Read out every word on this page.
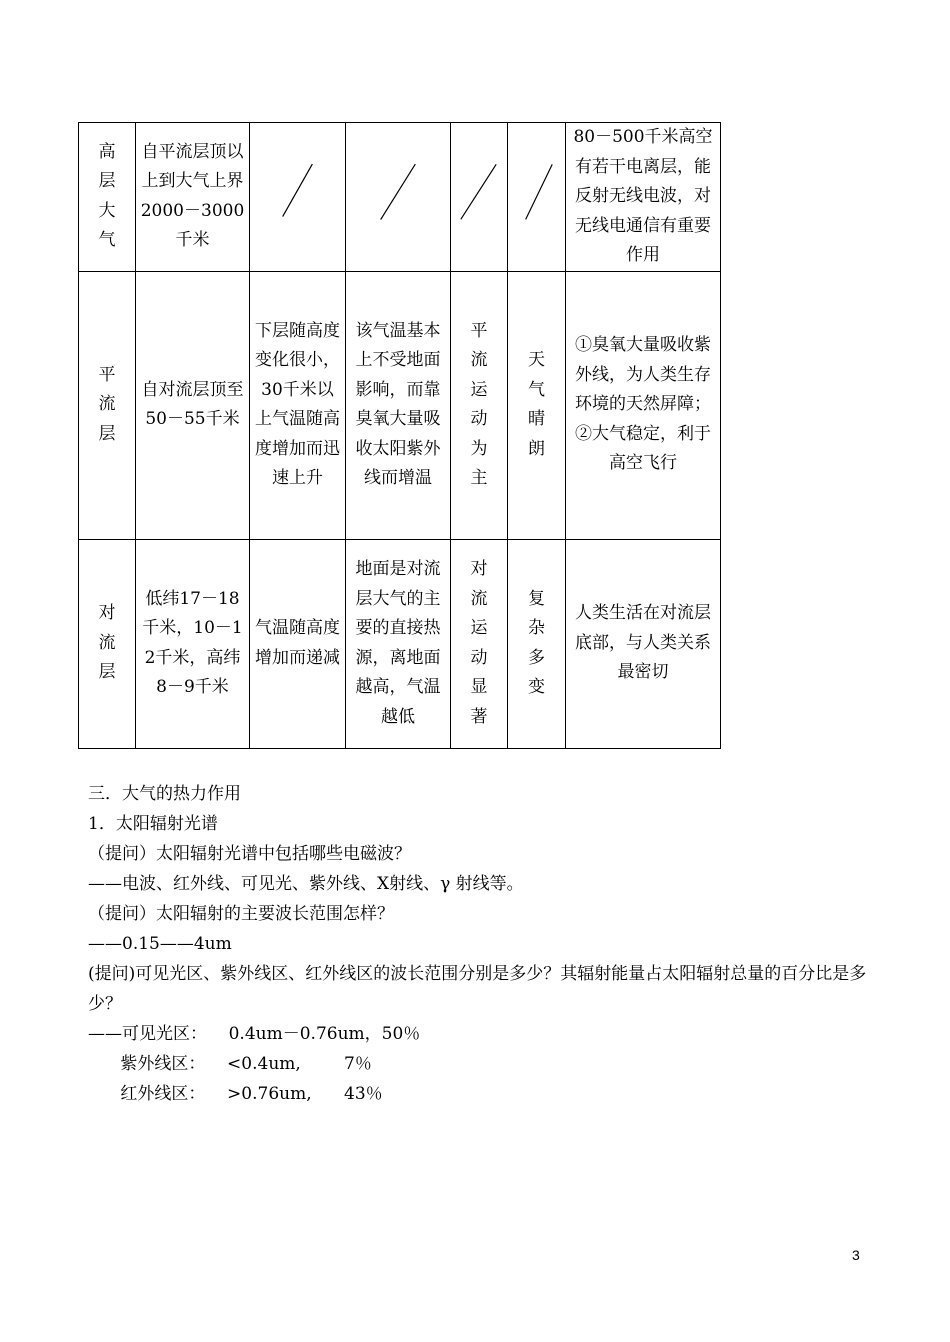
高层大气	自平流层顶以上到大气上界2000－3000千米					80－500千米高空有若干电离层，能反射无线电波，对无线电通信有重要作用
平流层	自对流层顶至50－55千米	下层随高度变化很小，30千米以上气温随高度增加而迅速上升	该气温基本上不受地面影响，而靠臭氧大量吸收太阳紫外线而增温	平流运动为主	天气晴朗	①臭氧大量吸收紫外线，为人类生存环境的天然屏障；②大气稳定，利于高空飞行
对流层	低纬17－18千米，10－12千米，高纬8－9千米	气温随高度增加而递减	地面是对流层大气的主要的直接热源，离地面越高，气温越低	对流运动显著	复杂多变	人类生活在对流层底部，与人类关系最密切

三．大气的热力作用

1．太阳辐射光谱

（提问）太阳辐射光谱中包括哪些电磁波？

——电波、红外线、可见光、紫外线、X射线、γ 射线等。

（提问）太阳辐射的主要波长范围怎样？

——0.15——4um

(提问)可见光区、紫外线区、红外线区的波长范围分别是多少？其辐射能量占太阳辐射总量的百分比是多少？

——可见光区：    0.4um－0.76um，50％

紫外线区：    <0.4um,        7％

红外线区：    >0.76um,      43％

3
